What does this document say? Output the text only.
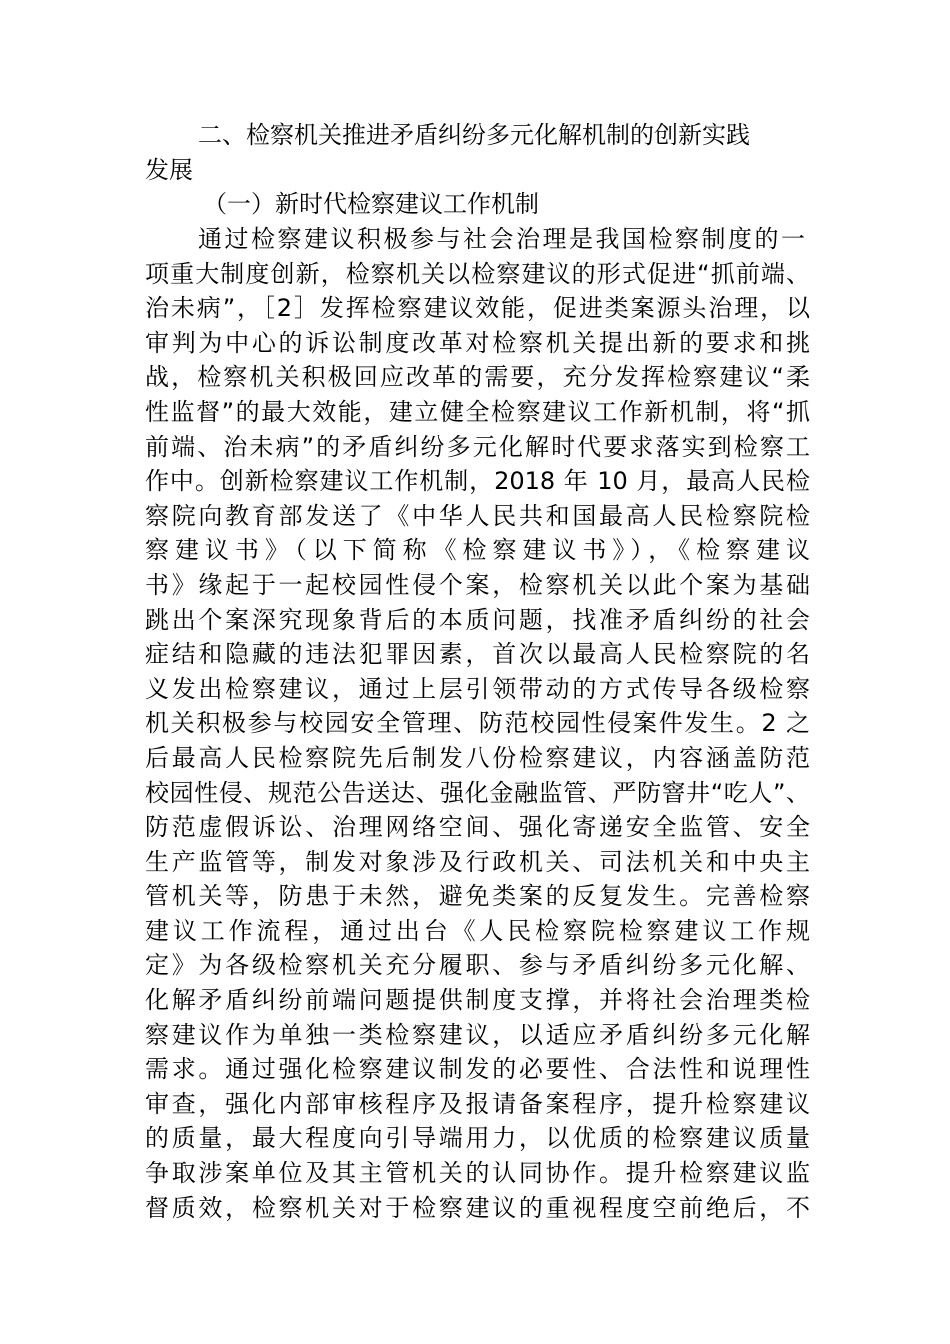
二、检察机关推进矛盾纠纷多元化解机制的创新实践
发展
（一）新时代检察建议工作机制
通过检察建议积极参与社会治理是我国检察制度的一
项重大制度创新，检察机关以检察建议的形式促进“抓前端、
治未病”，［2］发挥检察建议效能，促进类案源头治理，以
审判为中心的诉讼制度改革对检察机关提出新的要求和挑
战，检察机关积极回应改革的需要，充分发挥检察建议“柔
性监督”的最大效能，建立健全检察建议工作新机制，将“抓
前端、治未病”的矛盾纠纷多元化解时代要求落实到检察工
作中。创新检察建议工作机制，2018 年 10 月，最高人民检
察院向教育部发送了《中华人民共和国最高人民检察院检
察建议书》（以下简称《检察建议书》），《检察建议
书》缘起于一起校园性侵个案，检察机关以此个案为基础
跳出个案深究现象背后的本质问题，找准矛盾纠纷的社会
症结和隐藏的违法犯罪因素，首次以最高人民检察院的名
义发出检察建议，通过上层引领带动的方式传导各级检察
机关积极参与校园安全管理、防范校园性侵案件发生。2 之
后最高人民检察院先后制发八份检察建议，内容涵盖防范
校园性侵、规范公告送达、强化金融监管、严防窨井“吃人”、
防范虚假诉讼、治理网络空间、强化寄递安全监管、安全
生产监管等，制发对象涉及行政机关、司法机关和中央主
管机关等，防患于未然，避免类案的反复发生。完善检察
建议工作流程，通过出台《人民检察院检察建议工作规
定》为各级检察机关充分履职、参与矛盾纠纷多元化解、
化解矛盾纠纷前端问题提供制度支撑，并将社会治理类检
察建议作为单独一类检察建议，以适应矛盾纠纷多元化解
需求。通过强化检察建议制发的必要性、合法性和说理性
审查，强化内部审核程序及报请备案程序，提升检察建议
的质量，最大程度向引导端用力，以优质的检察建议质量
争取涉案单位及其主管机关的认同协作。提升检察建议监
督质效，检察机关对于检察建议的重视程度空前绝后，不
